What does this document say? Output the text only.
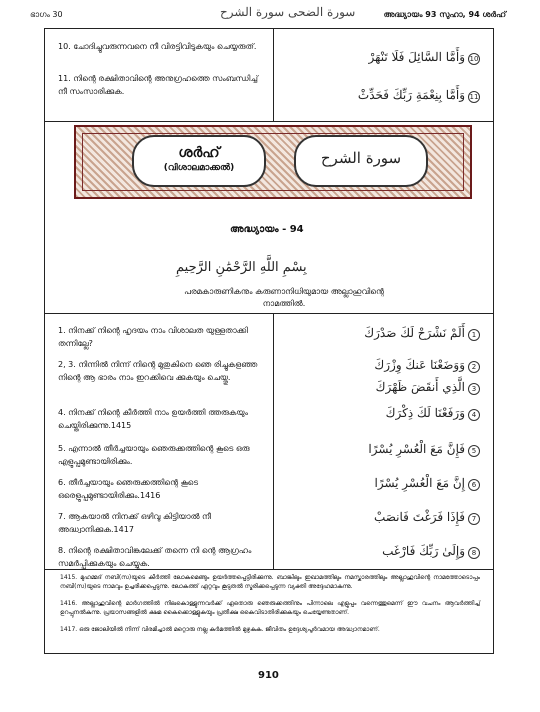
ഭാഗം 30	سورة الضحى سورة الشرح	അദ്ധ്യായം 93 സുഹാ, 94 ശർഹ്
10. ചോദിച്ചുവരുന്നവനെ നീ വിരട്ടിവിടുകയും ചെയ്യരുത്.
11. നിന്റെ രക്ഷിതാവിന്റെ അനുഗ്രഹത്തെ സംബന്ധിച്ച് നീ സംസാരിക്കുക.
10وَأَمَّا السَّائِلَ فَلَا تَنْهَرْ
11وَأَمَّا بِنِعْمَةِ رَبِّكَ فَحَدِّثْ
ശർഹ്
(വിശാലമാക്കൽ)
سورة الشرح
അദ്ധ്യായം - 94
بِسْمِ اللَّهِ الرَّحْمَٰنِ الرَّحِيمِ
പരമകാരുണികനും കരുണാനിധിയുമായ അല്ലാഹുവിന്റെ നാമത്തിൽ.
1. നിനക്ക് നിന്റെ ഹൃദയം നാം വിശാലത യുള്ളതാക്കി തന്നില്ലേ?
2, 3. നിന്നിൽ നിന്ന് നിന്റെ മുതുകിനെ ഞെ രിച്ചുകളഞ്ഞ നിന്റെ ആ ഭാരം നാം ഇറക്കിവെ ക്കുകയും ചെയ്തു.
4. നിനക്ക് നിന്റെ കീർത്തി നാം ഉയർത്തി ത്തരുകയും ചെയ്തിരിക്കുന്നു.1415
5. എന്നാൽ തീർച്ചയായും ഞെരുക്കത്തിന്റെ കൂടെ ഒരു എളുപ്പമുണ്ടായിരിക്കും.
6. തീർച്ചയായും ഞെരുക്കത്തിന്റെ കൂടെ ഒരെളുപ്പമുണ്ടായിരിക്കും.1416
7. ആകയാൽ നിനക്ക് ഒഴിവു കിട്ടിയാൽ നീ അദ്ധ്വാനിക്കുക.1417
8. നിന്റെ രക്ഷിതാവിങ്കലേക്ക് തന്നെ നി ന്റെ ആഗ്രഹം സമർപ്പിക്കുകയും ചെയ്യുക.
1أَلَمْ نَشْرَحْ لَكَ صَدْرَكَ
2وَوَضَعْنَا عَنكَ وِزْرَكَ
3الَّذِي أَنقَضَ ظَهْرَكَ
4وَرَفَعْنَا لَكَ ذِكْرَكَ
5فَإِنَّ مَعَ الْعُسْرِ يُسْرًا
6إِنَّ مَعَ الْعُسْرِ يُسْرًا
7فَإِذَا فَرَغْتَ فَانصَبْ
8وَإِلَىٰ رَبِّكَ فَارْغَب
1415. മുഹമ്മദ് നബി(സ)യുടെ കീർത്തി ലോകമെങ്ങും ഉയർത്തപ്പെട്ടിരിക്കുന്നു. ബാങ്കിലും ഇഖാമത്തിലും നമസ്കാരത്തിലും അല്ലാഹുവിന്റെ നാമത്തോടൊപ്പം നബി(സ)യുടെ നാമവും ഉച്ചരിക്കപ്പെടുന്നു. ലോകത്ത് ഏറ്റവും കൂടുതൽ സ്മരിക്കപ്പെടുന്ന വ്യക്തി അദ്ദേഹമാകുന്നു.
1416. അല്ലാഹുവിന്റെ മാർഗത്തിൽ നിലകൊള്ളുന്നവർക്ക് ഏതൊരു ഞെരുക്കത്തിനും പിന്നാലെ എളുപ്പം വന്നെത്തുമെന്ന് ഈ വചനം ആവർത്തിച്ച് ഉറപ്പുനൽകുന്നു. പ്രയാസങ്ങളിൽ ക്ഷമ കൈക്കൊള്ളുകയും പ്രതീക്ഷ കൈവിടാതിരിക്കുകയും ചെയ്യേണ്ടതാണ്.
1417. ഒരു ജോലിയിൽ നിന്ന് വിരമിച്ചാൽ മറ്റൊരു നല്ല കർമത്തിൽ മുഴുകുക. ജീവിതം ഉദ്ദേശ്യപൂർവമായ അദ്ധ്വാനമാണ്.
910
